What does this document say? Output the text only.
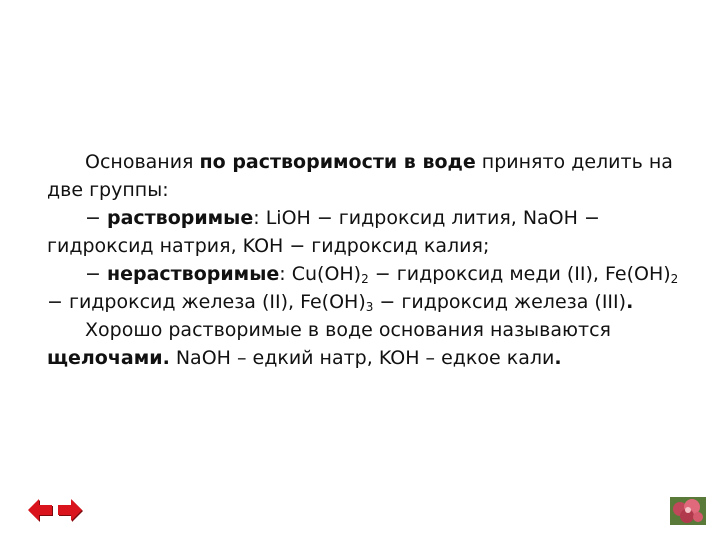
Основания по растворимости в воде принято делить на две группы:

− растворимые: LiOH − гидроксид лития, NaOH − гидроксид натрия, KOH − гидроксид калия;

− нерастворимые: $Cu(OH)_2$ − гидроксид меди (II), $Fe(OH)_2$ − гидроксид железа (II), $Fe(OH)_3$ − гидроксид железа (III).

Хорошо растворимые в воде основания называются щелочами. NaOH – едкий натр, KOH – едкое кали.
